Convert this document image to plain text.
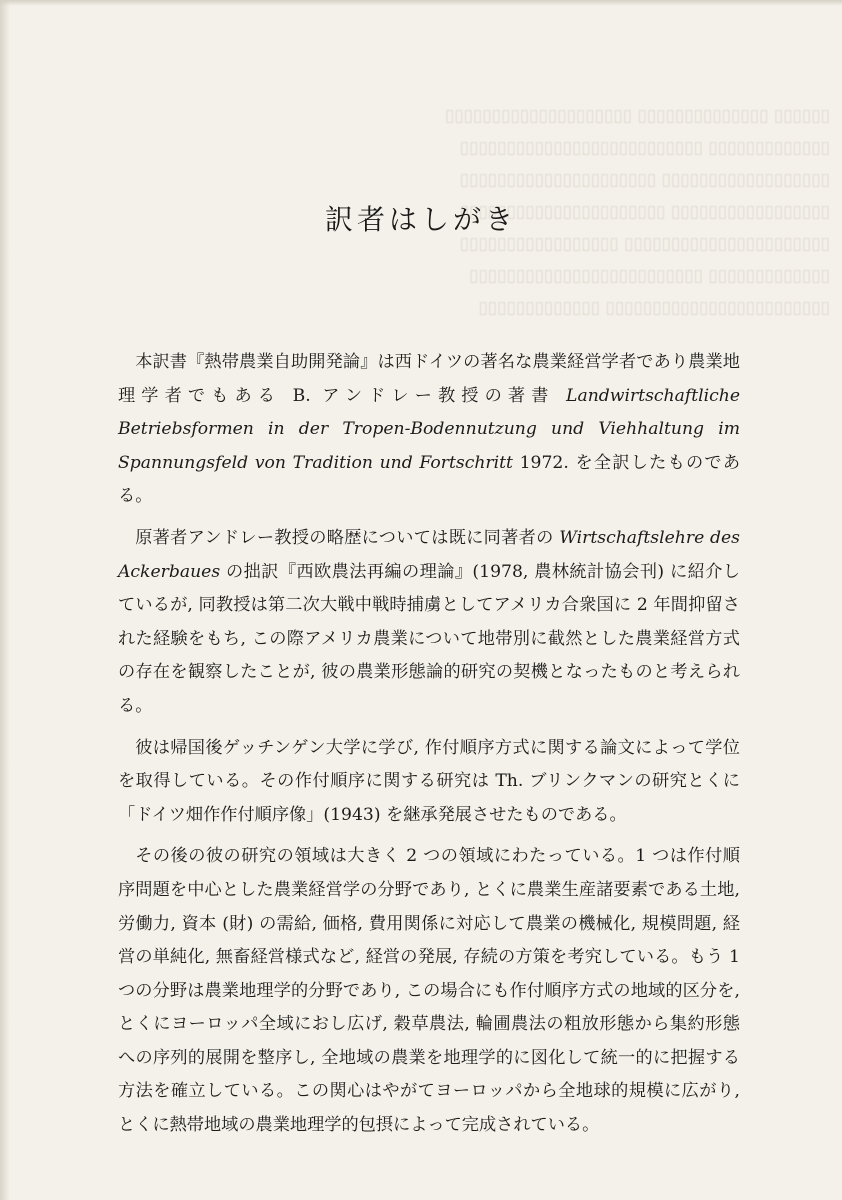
▯▯▯▯▯▯ ▯▯▯▯▯▯▯▯▯▯▯▯▯▯ ▯▯▯▯▯▯▯▯▯▯▯▯▯▯▯▯▯▯▯▯
▯▯▯▯▯▯▯▯▯▯▯▯▯ ▯▯▯▯▯▯▯▯▯▯▯▯▯▯▯▯▯▯▯▯▯▯▯▯▯▯
▯▯▯▯▯▯▯▯▯▯▯▯▯▯▯▯▯▯ ▯▯▯▯▯▯▯▯▯▯▯▯▯▯▯▯▯▯▯▯▯
▯▯▯▯▯▯▯▯▯▯▯▯▯▯▯▯▯ ▯▯▯▯▯▯▯▯▯▯▯▯▯▯▯▯▯▯▯▯▯▯
▯▯▯▯▯▯▯▯▯▯▯▯▯▯▯▯▯▯▯▯▯▯ ▯▯▯▯▯▯▯▯▯▯▯▯▯▯▯▯▯
▯▯▯▯▯▯▯▯▯▯▯▯▯ ▯▯▯▯▯▯▯▯▯▯▯▯▯▯▯▯▯▯▯▯▯▯▯▯▯
▯▯▯▯▯▯▯▯▯▯▯▯▯▯▯▯▯▯▯▯▯▯▯▯ ▯▯▯▯▯▯▯▯▯▯▯▯▯
訳者はしがき

本訳書『熱帯農業自助開発論』は西ドイツの著名な農業経営学者であり農業地理学者でもある B. アンドレー教授の著書 Landwirtschaftliche Betriebsformen in der Tropen-Bodennutzung und Viehhaltung im Spannungsfeld von Tradition und Fortschritt 1972. を全訳したものである。

原著者アンドレー教授の略歴については既に同著者の Wirtschaftslehre des Ackerbaues の拙訳『西欧農法再編の理論』(1978, 農林統計協会刊) に紹介しているが, 同教授は第二次大戦中戦時捕虜としてアメリカ合衆国に 2 年間抑留された経験をもち, この際アメリカ農業について地帯別に截然とした農業経営方式の存在を観察したことが, 彼の農業形態論的研究の契機となったものと考えられる。

彼は帰国後ゲッチンゲン大学に学び, 作付順序方式に関する論文によって学位を取得している。その作付順序に関する研究は Th. ブリンクマンの研究とくに「ドイツ畑作作付順序像」(1943) を継承発展させたものである。

その後の彼の研究の領域は大きく 2 つの領域にわたっている。1 つは作付順序問題を中心とした農業経営学の分野であり, とくに農業生産諸要素である土地, 労働力, 資本 (財) の需給, 価格, 費用関係に対応して農業の機械化, 規模問題, 経営の単純化, 無畜経営様式など, 経営の発展, 存続の方策を考究している。もう 1 つの分野は農業地理学的分野であり, この場合にも作付順序方式の地域的区分を, とくにヨーロッパ全域におし広げ, 穀草農法, 輪圃農法の粗放形態から集約形態への序列的展開を整序し, 全地域の農業を地理学的に図化して統一的に把握する方法を確立している。この関心はやがてヨーロッパから全地球的規模に広がり, とくに熱帯地域の農業地理学的包摂によって完成されている。
